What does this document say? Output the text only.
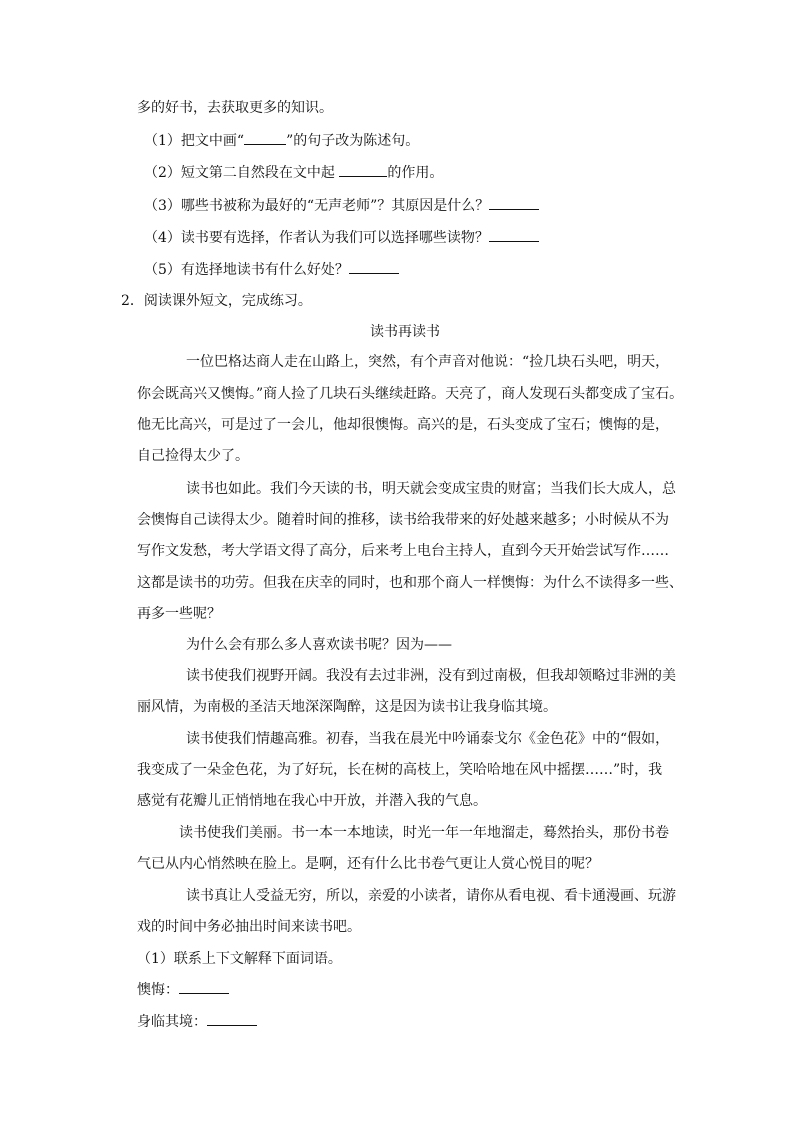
多的好书，去获取更多的知识。
（1）把文中画“	”的句子改为陈述句。
（2）短文第二自然段在文中起	的作用。
（3）哪些书被称为最好的“无声老师”？其原因是什么？
（4）读书要有选择，作者认为我们可以选择哪些读物？
（5）有选择地读书有什么好处？
2．阅读课外短文，完成练习。
读书再读书
一位巴格达商人走在山路上，突然，有个声音对他说：“捡几块石头吧，明天，
你会既高兴又懊悔。”商人捡了几块石头继续赶路。天亮了，商人发现石头都变成了宝石。
他无比高兴，可是过了一会儿，他却很懊悔。高兴的是，石头变成了宝石；懊悔的是，
自己捡得太少了。
读书也如此。我们今天读的书，明天就会变成宝贵的财富；当我们长大成人，总
会懊悔自己读得太少。随着时间的推移，读书给我带来的好处越来越多；小时候从不为
写作文发愁，考大学语文得了高分，后来考上电台主持人，直到今天开始尝试写作……
这都是读书的功劳。但我在庆幸的同时，也和那个商人一样懊悔：为什么不读得多一些、
再多一些呢？
为什么会有那么多人喜欢读书呢？因为——
读书使我们视野开阔。我没有去过非洲，没有到过南极，但我却领略过非洲的美
丽风情，为南极的圣洁天地深深陶醉，这是因为读书让我身临其境。
读书使我们情趣高雅。初春，当我在晨光中吟诵泰戈尔《金色花》中的“假如，
我变成了一朵金色花，为了好玩，长在树的高枝上，笑哈哈地在风中摇摆……”时，我
感觉有花瓣儿正悄悄地在我心中开放，并潜入我的气息。
读书使我们美丽。书一本一本地读，时光一年一年地溜走，蓦然抬头，那份书卷
气已从内心悄然映在脸上。是啊，还有什么比书卷气更让人赏心悦目的呢？
读书真让人受益无穷，所以，亲爱的小读者，请你从看电视、看卡通漫画、玩游
戏的时间中务必抽出时间来读书吧。
（1）联系上下文解释下面词语。
懊悔：
身临其境：
